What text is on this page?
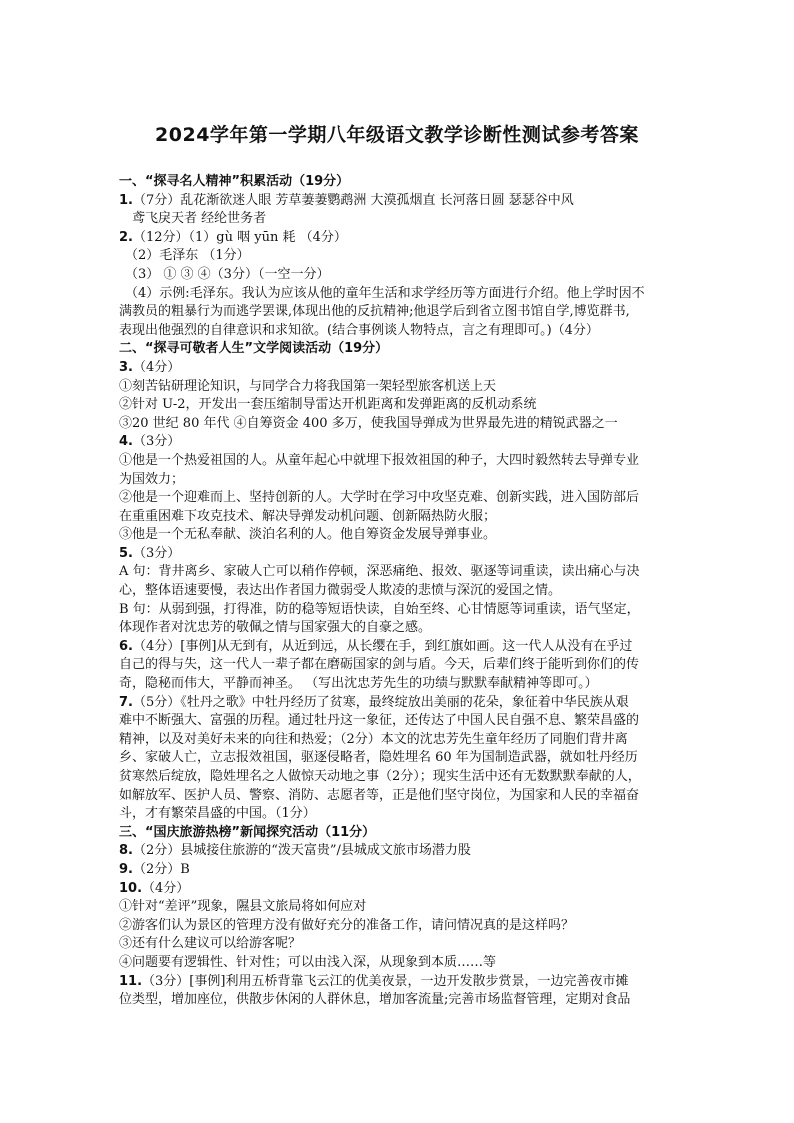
2024学年第一学期八年级语文教学诊断性测试参考答案
一、“探寻名人精神”积累活动（19分）
1.（7分）乱花渐欲迷人眼 芳草萋萋鹦鹉洲 大漠孤烟直 长河落日圆 瑟瑟谷中风
鸢飞戾天者 经纶世务者
2.（12分）（1）gù 咽 yūn 耗 （4分）
（2）毛泽东 （1分）
（3） ① ③ ④（3分）（一空一分）
（4）示例:毛泽东。我认为应该从他的童年生活和求学经历等方面进行介绍。他上学时因不
满教员的粗暴行为而逃学罢课,体现出他的反抗精神;他退学后到省立图书馆自学,博览群书,
表现出他强烈的自律意识和求知欲。(结合事例谈人物特点，言之有理即可。)（4分）
二、“探寻可敬者人生”文学阅读活动（19分）
3.（4分）
①刻苦钻研理论知识，与同学合力将我国第一架轻型旅客机送上天
②针对 U-2，开发出一套压缩制导雷达开机距离和发弹距离的反机动系统
③20 世纪 80 年代 ④自筹资金 400 多万，使我国导弹成为世界最先进的精锐武器之一
4.（3分）
①他是一个热爱祖国的人。从童年起心中就埋下报效祖国的种子，大四时毅然转去导弹专业
为国效力；
②他是一个迎难而上、坚持创新的人。大学时在学习中攻坚克难、创新实践，进入国防部后
在重重困难下攻克技术、解决导弹发动机问题、创新隔热防火服；
③他是一个无私奉献、淡泊名利的人。他自筹资金发展导弹事业。
5.（3分）
A 句：背井离乡、家破人亡可以稍作停顿，深恶痛绝、报效、驱逐等词重读，读出痛心与决
心，整体语速要慢，表达出作者国力微弱受人欺凌的悲愤与深沉的爱国之情。
B 句：从弱到强，打得准，防的稳等短语快读，自始至终、心甘情愿等词重读，语气坚定，
体现作者对沈忠芳的敬佩之情与国家强大的自豪之感。
6.（4分）[事例]从无到有，从近到远，从长缨在手，到红旗如画。这一代人从没有在乎过
自己的得与失，这一代人一辈子都在磨砺国家的剑与盾。今天，后辈们终于能听到你们的传
奇，隐秘而伟大，平静而神圣。 （写出沈忠芳先生的功绩与默默奉献精神等即可。）
7.（5分）《牡丹之歌》中牡丹经历了贫寒，最终绽放出美丽的花朵，象征着中华民族从艰
难中不断强大、富强的历程。通过牡丹这一象征，还传达了中国人民自强不息、繁荣昌盛的
精神，以及对美好未来的向往和热爱；（2分）本文的沈忠芳先生童年经历了同胞们背井离
乡、家破人亡，立志报效祖国，驱逐侵略者，隐姓埋名 60 年为国制造武器，就如牡丹经历
贫寒然后绽放，隐姓埋名之人做惊天动地之事（2分）；现实生活中还有无数默默奉献的人，
如解放军、医护人员、警察、消防、志愿者等，正是他们坚守岗位，为国家和人民的幸福奋
斗，才有繁荣昌盛的中国。（1分）
三、“国庆旅游热榜”新闻探究活动（11分）
8.（2分）县城接住旅游的“泼天富贵”/县城成文旅市场潜力股
9.（2分）B
10.（4分）
①针对“差评”现象，隰县文旅局将如何应对
②游客们认为景区的管理方没有做好充分的准备工作，请问情况真的是这样吗？
③还有什么建议可以给游客呢？
④问题要有逻辑性、针对性；可以由浅入深，从现象到本质……等
11.（3分）[事例]利用五桥背靠飞云江的优美夜景，一边开发散步赏景，一边完善夜市摊
位类型，增加座位，供散步休闲的人群休息，增加客流量;完善市场监督管理，定期对食品
